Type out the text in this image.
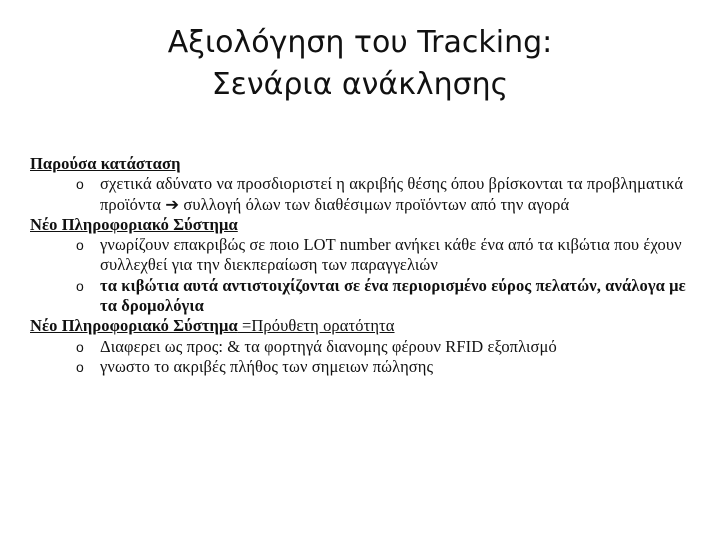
Αξιολόγηση του Tracking:
Σενάρια ανάκλησης

Παρούσα κατάσταση

o σχετικά αδύνατο να προσδιοριστεί η ακριβής θέσης όπου βρίσκονται τα προβληματικά προϊόντα ➔ συλλογή όλων των διαθέσιμων προϊόντων από την αγορά

Νέο Πληροφοριακό Σύστημα

o γνωρίζουν επακριβώς σε ποιο LOT number ανήκει κάθε ένα από τα κιβώτια που έχουν συλλεχθεί για την διεκπεραίωση των παραγγελιών
o τα κιβώτια αυτά αντιστοιχίζονται σε ένα περιορισμένο εύρος πελατών, ανάλογα με τα δρομολόγια

Νέο Πληροφοριακό Σύστημα =Πρόυθετη ορατότητα

o Διαφερει ως προς: & τα φορτηγά διανομης φέρουν RFID εξοπλισμό
o γνωστο το ακριβές πλήθος των σημειων πώλησης
